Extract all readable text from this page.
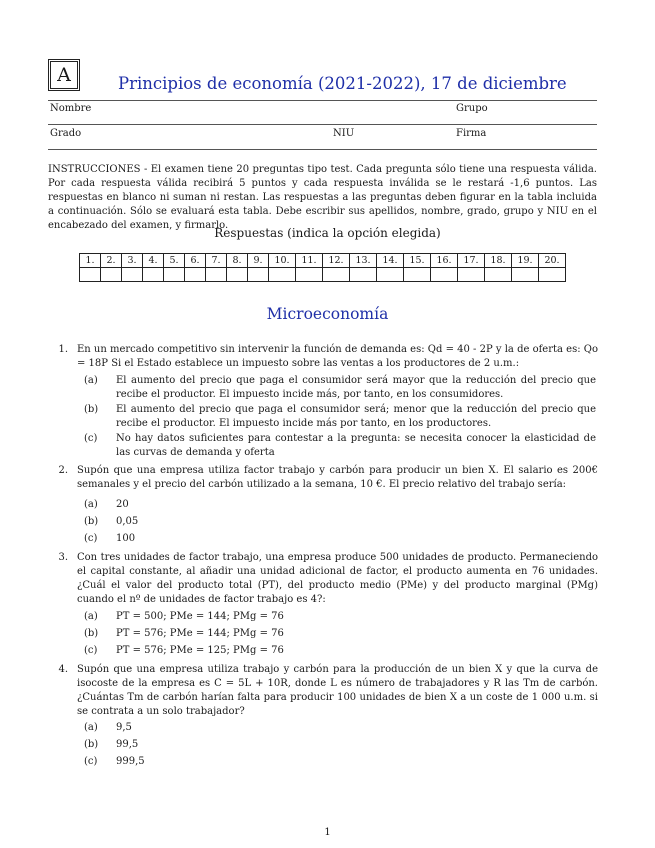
A	Principios de economía (2021-2022), 17 de diciembre
Nombre	Grupo
Grado	NIU	Firma
INSTRUCCIONES - El examen tiene 20 preguntas tipo test. Cada pregunta sólo tiene una respuesta válida. Por cada respuesta válida recibirá 5 puntos y cada respuesta inválida se le restará -1,6 puntos. Las respuestas en blanco ni suman ni restan. Las respuestas a las preguntas deben figurar en la tabla incluida a continuación. Sólo se evaluará esta tabla. Debe escribir sus apellidos, nombre, grado, grupo y NIU en el encabezado del examen, y firmarlo.
Respuestas (indica la opción elegida)
1.	2.	3.	4.	5.	6.	7.	8.	9.	10.	11.	12.	13.	14.	15.	16.	17.	18.	19.	20.

Microeconomía
1. En un mercado competitivo sin intervenir la función de demanda es: Qd = 40 - 2P y la de oferta es: Qo = 18P Si el Estado establece un impuesto sobre las ventas a los productores de 2 u.m.:
(a) El aumento del precio que paga el consumidor será mayor que la reducción del precio que recibe el productor. El impuesto incide más, por tanto, en los consumidores.
(b) El aumento del precio que paga el consumidor será; menor que la reducción del precio que recibe el productor. El impuesto incide más por tanto, en los productores.
(c) No hay datos suficientes para contestar a la pregunta: se necesita conocer la elasticidad de las curvas de demanda y oferta
2. Supón que una empresa utiliza factor trabajo y carbón para producir un bien X. El salario es 200€ semanales y el precio del carbón utilizado a la semana, 10 €. El precio relativo del trabajo sería:
(a) 20
(b) 0,05
(c) 100
3. Con tres unidades de factor trabajo, una empresa produce 500 unidades de producto. Permaneciendo el capital constante, al añadir una unidad adicional de factor, el producto aumenta en 76 unidades. ¿Cuál el valor del producto total (PT), del producto medio (PMe) y del producto marginal (PMg) cuando el nº de unidades de factor trabajo es 4?:
(a) PT = 500; PMe = 144; PMg = 76
(b) PT = 576; PMe = 144; PMg = 76
(c) PT = 576; PMe = 125; PMg = 76
4. Supón que una empresa utiliza trabajo y carbón para la producción de un bien X y que la curva de isocoste de la empresa es C = 5L + 10R, donde L es número de trabajadores y R las Tm de carbón. ¿Cuántas Tm de carbón harían falta para producir 100 unidades de bien X a un coste de 1 000 u.m. si se contrata a un solo trabajador?
(a) 9,5
(b) 99,5
(c) 999,5
1
